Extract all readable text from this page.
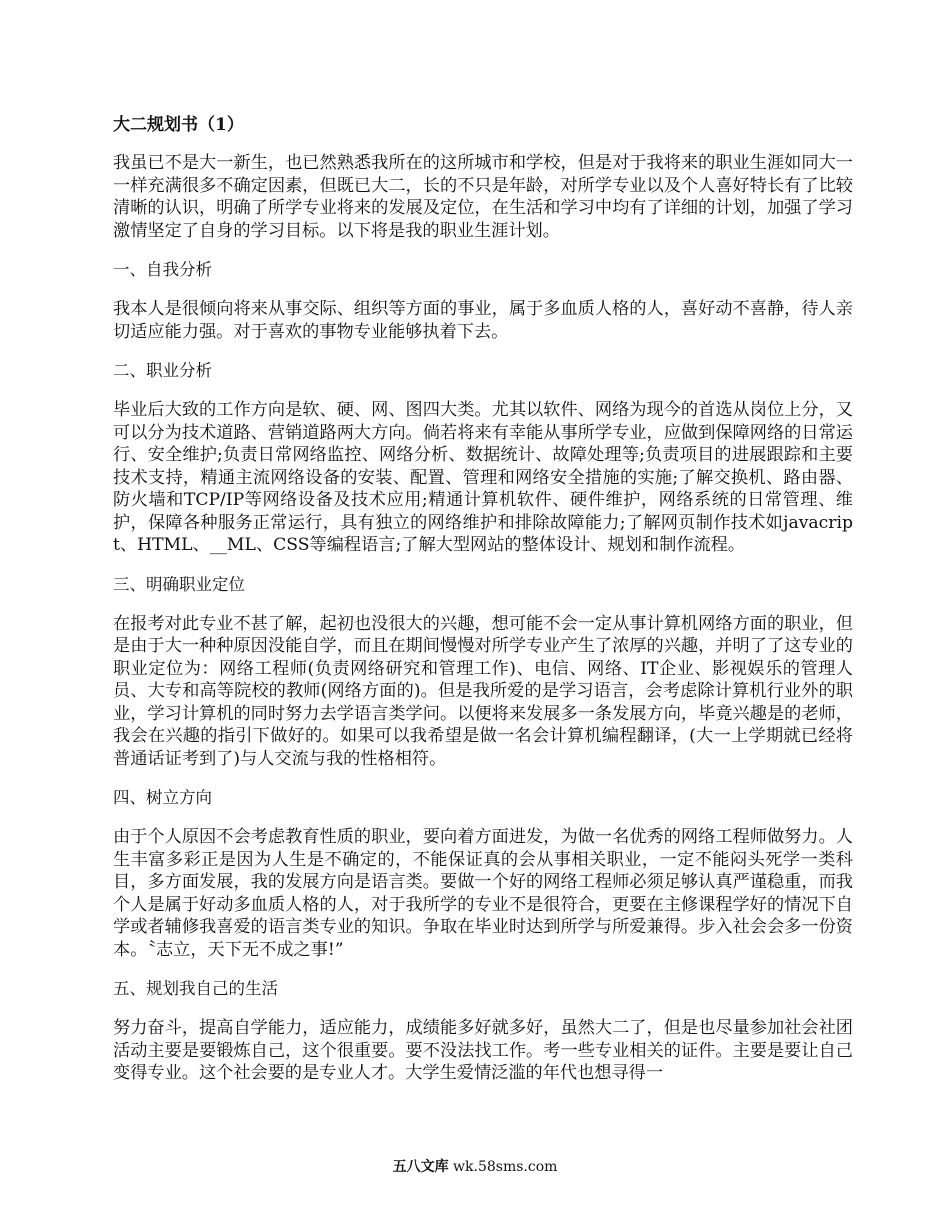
大二规划书（1）

我虽已不是大一新生，也已然熟悉我所在的这所城市和学校，但是对于我将来的职业生涯如同大一一样充满很多不确定因素，但既已大二，长的不只是年龄，对所学专业以及个人喜好特长有了比较清晰的认识，明确了所学专业将来的发展及定位，在生活和学习中均有了详细的计划，加强了学习激情坚定了自身的学习目标。以下将是我的职业生涯计划。

一、自我分析

我本人是很倾向将来从事交际、组织等方面的事业，属于多血质人格的人，喜好动不喜静，待人亲切适应能力强。对于喜欢的事物专业能够执着下去。

二、职业分析

毕业后大致的工作方向是软、硬、网、图四大类。尤其以软件、网络为现今的首选从岗位上分，又可以分为技术道路、营销道路两大方向。倘若将来有幸能从事所学专业，应做到保障网络的日常运行、安全维护;负责日常网络监控、网络分析、数据统计、故障处理等;负责项目的进展跟踪和主要技术支持，精通主流网络设备的安装、配置、管理和网络安全措施的实施;了解交换机、路由器、防火墙和TCP/IP等网络设备及技术应用;精通计算机软件、硬件维护，网络系统的日常管理、维护，保障各种服务正常运行，具有独立的网络维护和排除故障能力;了解网页制作技术如javacript、HTML、__ML、CSS等编程语言;了解大型网站的整体设计、规划和制作流程。

三、明确职业定位

在报考对此专业不甚了解，起初也没很大的兴趣，想可能不会一定从事计算机网络方面的职业，但是由于大一种种原因没能自学，而且在期间慢慢对所学专业产生了浓厚的兴趣，并明了了这专业的职业定位为：网络工程师(负责网络研究和管理工作)、电信、网络、IT企业、影视娱乐的管理人员、大专和高等院校的教师(网络方面的)。但是我所爱的是学习语言，会考虑除计算机行业外的职业，学习计算机的同时努力去学语言类学问。以便将来发展多一条发展方向，毕竟兴趣是的老师，我会在兴趣的指引下做好的。如果可以我希望是做一名会计算机编程翻译，(大一上学期就已经将普通话证考到了)与人交流与我的性格相符。

四、树立方向

由于个人原因不会考虑教育性质的职业，要向着方面进发，为做一名优秀的网络工程师做努力。人生丰富多彩正是因为人生是不确定的，不能保证真的会从事相关职业，一定不能闷头死学一类科目，多方面发展，我的发展方向是语言类。要做一个好的网络工程师必须足够认真严谨稳重，而我个人是属于好动多血质人格的人，对于我所学的专业不是很符合，更要在主修课程学好的情况下自学或者辅修我喜爱的语言类专业的知识。争取在毕业时达到所学与所爱兼得。步入社会会多一份资本。〝志立，天下无不成之事!”

五、规划我自己的生活

努力奋斗，提高自学能力，适应能力，成绩能多好就多好，虽然大二了，但是也尽量参加社会社团活动主要是要锻炼自己，这个很重要。要不没法找工作。考一些专业相关的证件。主要是要让自己变得专业。这个社会要的是专业人才。大学生爱情泛滥的年代也想寻得一

五八文库 wk.58sms.com
